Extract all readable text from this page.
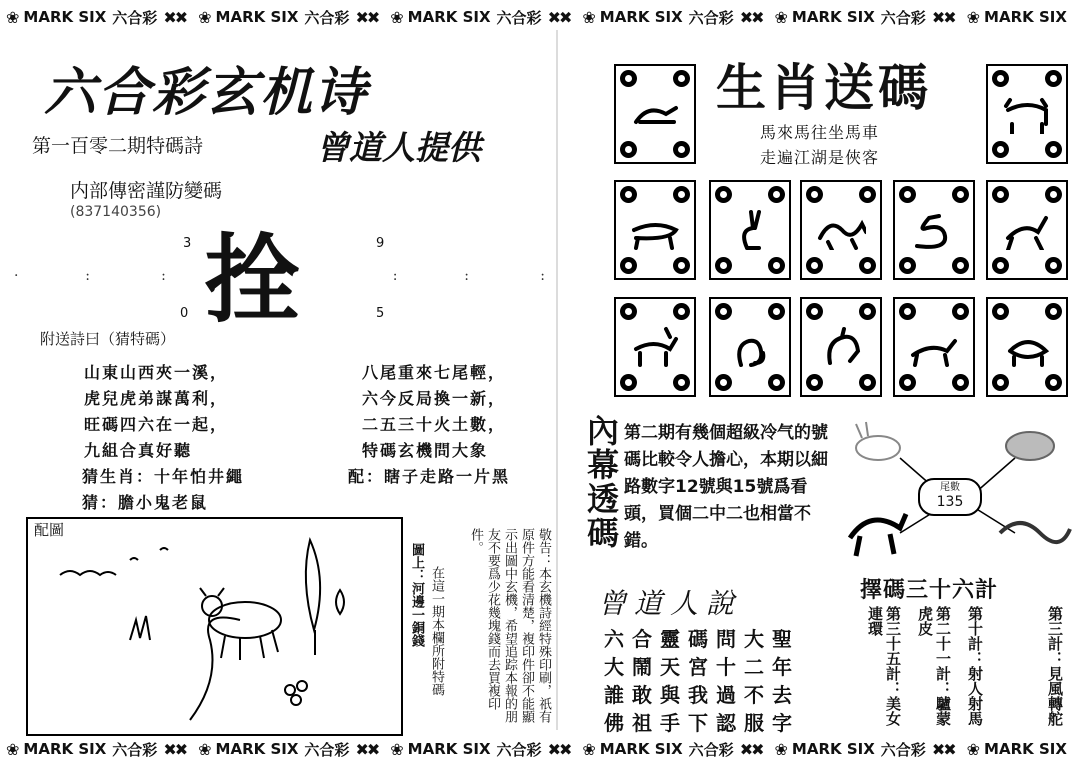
❀ MARK SIX 六合彩 ✖✖ ❀ MARK SIX 六合彩 ✖✖ ❀ MARK SIX 六合彩 ✖✖ ❀ MARK SIX 六合彩 ✖✖ ❀ MARK SIX 六合彩 ✖✖ ❀ MARK SIX
六合彩玄机诗
第一百零二期特碼詩	曾道人提供
内部傳密謹防變碼
(837140356)
拴
3	9
0	5
·               :                :                                                   :               :                :
附送詩曰（猜特碼）
山東山西夾一溪，
虎兒虎弟謀萬利，
旺碼四六在一起，
九組合真好聽
八尾重來七尾輕，
六今反局換一新，
二五三十火土數，
特碼玄機問大象
猜生肖：十年怕井繩
猜：膽小鬼老鼠
配：瞎子走路一片黑
配圖
圖上：河邊一銅錢 在這一期本欄所附特碼	敬告：本玄機詩經特殊印刷，祇有原件方能看清楚，複印件卻不能顯示出圖中玄機，希望追踪本報的朋友不要爲少花幾塊錢而去買複印件。
生肖送碼
馬來馬往坐馬車
走遍江湖是俠客
內幕透碼 第二期有幾個超級冷气的號碼比較令人擔心，本期以細路數字12號與15號爲看頭，買個二中二也相當不錯。
曾道人說
六合靈碼問大聖
大鬧天宮十二年
誰敢與我過不去
佛祖手下認服字
尾數
135
擇碼三十六計
第三計：見風轉舵
第十計：射人射馬
第二十一計：驢蒙虎皮
第三十五計：美女連環
❀ MARK SIX 六合彩 ✖✖ ❀ MARK SIX 六合彩 ✖✖ ❀ MARK SIX 六合彩 ✖✖ ❀ MARK SIX 六合彩 ✖✖ ❀ MARK SIX 六合彩 ✖✖ ❀ MARK SIX
